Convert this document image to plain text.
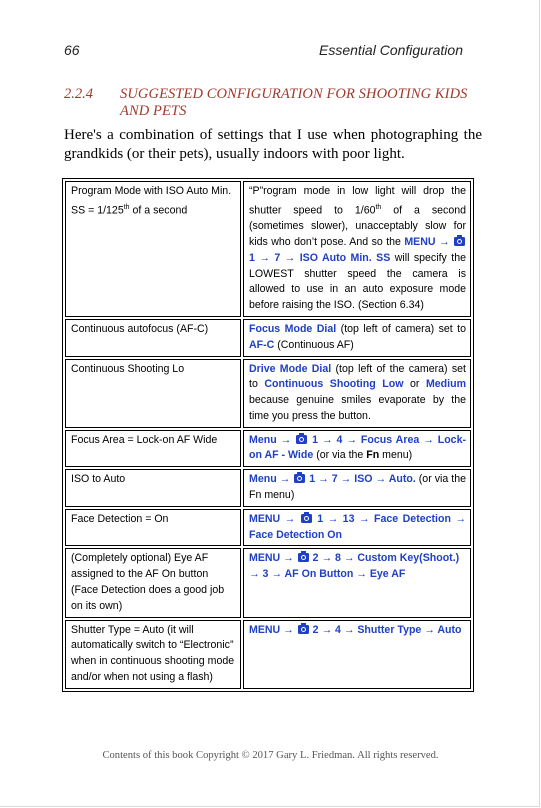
66	Essential Configuration
2.2.4 SUGGESTED CONFIGURATION FOR SHOOTING KIDS AND PETS
Here's a combination of settings that I use when photographing the grandkids (or their pets), usually indoors with poor light.
Program Mode with ISO Auto Min. SS = 1/125th of a second	“P”rogram mode in low light will drop the shutter speed to 1/60th of a second (sometimes slower), unacceptably slow for kids who don’t pose. And so the MENU →  1 → 7 → ISO Auto Min. SS will specify the LOWEST shutter speed the camera is allowed to use in an auto exposure mode before raising the ISO. (Section 6.34)
Continuous autofocus (AF-C)	Focus Mode Dial (top left of camera) set to AF-C (Continuous AF)
Continuous Shooting Lo	Drive Mode Dial (top left of the camera) set to Continuous Shooting Low or Medium because genuine smiles evaporate by the time you press the button.
Focus Area = Lock-on AF Wide	Menu →  1 → 4 → Focus Area → Lock-on AF - Wide (or via the Fn menu)
ISO to Auto	Menu →  1 → 7 → ISO → Auto. (or via the Fn menu)
Face Detection = On	MENU →  1 → 13 → Face Detection → Face Detection On
(Completely optional) Eye AF assigned to the AF On button (Face Detection does a good job on its own)	MENU →  2 → 8 → Custom Key(Shoot.) → 3 → AF On Button → Eye AF
Shutter Type = Auto (it will automatically switch to “Electronic” when in continuous shooting mode and/or when not using a flash)	MENU →  2 → 4 → Shutter Type → Auto
Contents of this book Copyright © 2017 Gary L. Friedman. All rights reserved.
